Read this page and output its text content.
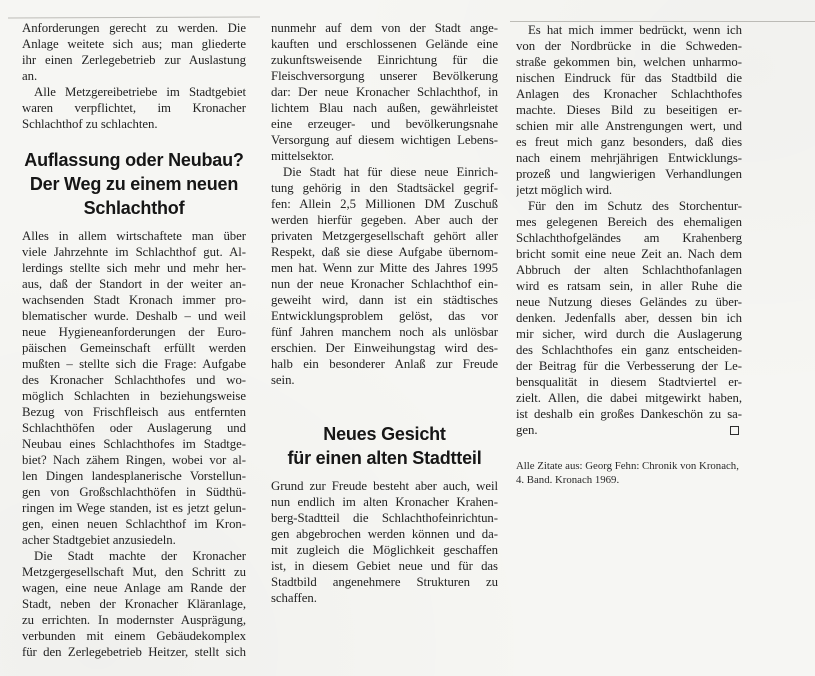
Anforderungen gerecht zu werden. Die
Anlage weitete sich aus; man gliederte
ihr einen Zerlegebetrieb zur Auslastung
an.
Alle Metzgereibetriebe im Stadtgebiet
waren verpflichtet, im Kronacher
Schlachthof zu schlachten.
Auflassung oder Neubau?
Der Weg zu einem neuen
Schlachthof
Alles in allem wirtschaftete man über
viele Jahrzehnte im Schlachthof gut. Al-
lerdings stellte sich mehr und mehr her-
aus, daß der Standort in der weiter an-
wachsenden Stadt Kronach immer pro-
blematischer wurde. Deshalb – und weil
neue Hygieneanforderungen der Euro-
päischen Gemeinschaft erfüllt werden
mußten – stellte sich die Frage: Aufgabe
des Kronacher Schlachthofes und wo-
möglich Schlachten in beziehungsweise
Bezug von Frischfleisch aus entfernten
Schlachthöfen oder Auslagerung und
Neubau eines Schlachthofes im Stadtge-
biet? Nach zähem Ringen, wobei vor al-
len Dingen landesplanerische Vorstellun-
gen von Großschlachthöfen in Südthü-
ringen im Wege standen, ist es jetzt gelun-
gen, einen neuen Schlachthof im Kron-
acher Stadtgebiet anzusiedeln.
Die Stadt machte der Kronacher
Metzgergesellschaft Mut, den Schritt zu
wagen, eine neue Anlage am Rande der
Stadt, neben der Kronacher Kläranlage,
zu errichten. In modernster Ausprägung,
verbunden mit einem Gebäudekomplex
für den Zerlegebetrieb Heitzer, stellt sich
nunmehr auf dem von der Stadt ange-
kauften und erschlossenen Gelände eine
zukunftsweisende Einrichtung für die
Fleischversorgung unserer Bevölkerung
dar: Der neue Kronacher Schlachthof, in
lichtem Blau nach außen, gewährleistet
eine erzeuger- und bevölkerungsnahe
Versorgung auf diesem wichtigen Lebens-
mittelsektor.
Die Stadt hat für diese neue Einrich-
tung gehörig in den Stadtsäckel gegrif-
fen: Allein 2,5 Millionen DM Zuschuß
werden hierfür gegeben. Aber auch der
privaten Metzgergesellschaft gehört aller
Respekt, daß sie diese Aufgabe übernom-
men hat. Wenn zur Mitte des Jahres 1995
nun der neue Kronacher Schlachthof ein-
geweiht wird, dann ist ein städtisches
Entwicklungsproblem gelöst, das vor
fünf Jahren manchem noch als unlösbar
erschien. Der Einweihungstag wird des-
halb ein besonderer Anlaß zur Freude
sein.
Neues Gesicht
für einen alten Stadtteil
Grund zur Freude besteht aber auch, weil
nun endlich im alten Kronacher Krahen-
berg-Stadtteil die Schlachthofeinrichtun-
gen abgebrochen werden können und da-
mit zugleich die Möglichkeit geschaffen
ist, in diesem Gebiet neue und für das
Stadtbild angenehmere Strukturen zu
schaffen.
Es hat mich immer bedrückt, wenn ich
von der Nordbrücke in die Schweden-
straße gekommen bin, welchen unharmo-
nischen Eindruck für das Stadtbild die
Anlagen des Kronacher Schlachthofes
machte. Dieses Bild zu beseitigen er-
schien mir alle Anstrengungen wert, und
es freut mich ganz besonders, daß dies
nach einem mehrjährigen Entwicklungs-
prozeß und langwierigen Verhandlungen
jetzt möglich wird.
Für den im Schutz des Storchentur-
mes gelegenen Bereich des ehemaligen
Schlachthofgeländes am Krahenberg
bricht somit eine neue Zeit an. Nach dem
Abbruch der alten Schlachthofanlagen
wird es ratsam sein, in aller Ruhe die
neue Nutzung dieses Geländes zu über-
denken. Jedenfalls aber, dessen bin ich
mir sicher, wird durch die Auslagerung
des Schlachthofes ein ganz entscheiden-
der Beitrag für die Verbesserung der Le-
bensqualität in diesem Stadtviertel er-
zielt. Allen, die dabei mitgewirkt haben,
ist deshalb ein großes Dankeschön zu sa-
gen.
Alle Zitate aus: Georg Fehn: Chronik von Kronach,
4. Band. Kronach 1969.
